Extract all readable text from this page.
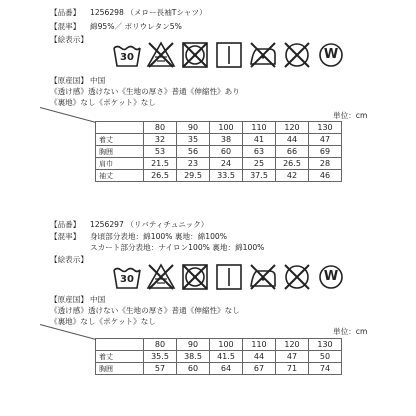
【品番】 1256298 （メロー長袖Tシャツ）
【混率】 綿95%／ ポリウレタン5%
【絵表示】
30	W
【原産国】 中国
《透け感》透けない《生地の厚さ》普通《伸縮性》あり
《裏地》なし《ポケット》なし
単位：cm
	80	90	100	110	120	130
着丈	32	35	38	41	44	47
胸囲	53	56	60	63	66	69
肩巾	21.5	23	24	25	26.5	28
袖丈	26.5	29.5	33.5	37.5	42	46
【品番】 1256297 （リバティチュニック）
【混率】 身頃部分表地：綿100% 裏地：綿100%
スカート部分表地：ナイロン100% 裏地：綿100%
【絵表示】
30	W
【原産国】 中国
《透け感》透けない《生地の厚さ》普通《伸縮性》なし
《裏地》なし《ポケット》なし
単位：cm
	80	90	100	110	120	130
着丈	35.5	38.5	41.5	44	47	50
胸囲	57	60	64	67	71	74
